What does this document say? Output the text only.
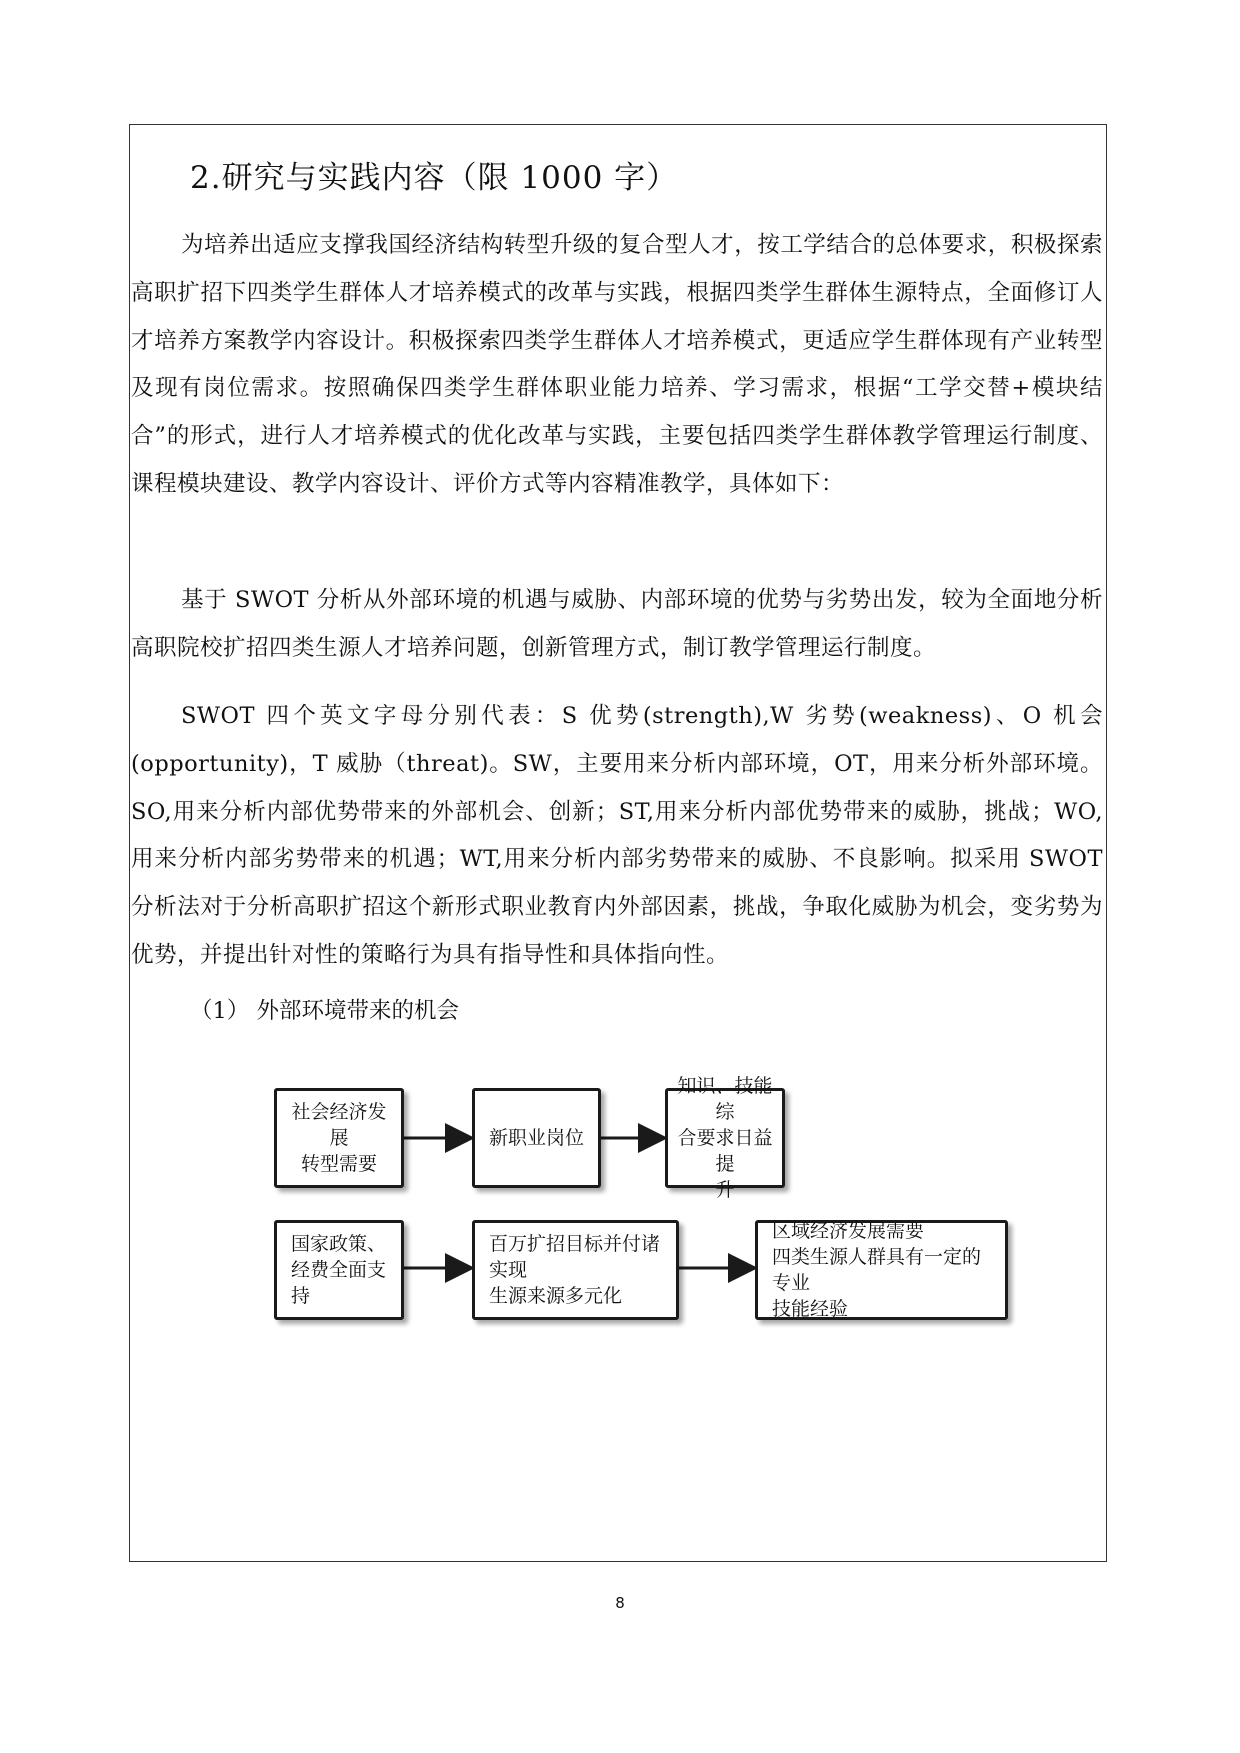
2.研究与实践内容（限 1000 字）

为培养出适应支撑我国经济结构转型升级的复合型人才，按工学结合的总体要求，积极探索高职扩招下四类学生群体人才培养模式的改革与实践，根据四类学生群体生源特点，全面修订人才培养方案教学内容设计。积极探索四类学生群体人才培养模式，更适应学生群体现有产业转型及现有岗位需求。按照确保四类学生群体职业能力培养、学习需求，根据“工学交替+模块结合”的形式，进行人才培养模式的优化改革与实践，主要包括四类学生群体教学管理运行制度、课程模块建设、教学内容设计、评价方式等内容精准教学，具体如下：

基于 SWOT 分析从外部环境的机遇与威胁、内部环境的优势与劣势出发，较为全面地分析高职院校扩招四类生源人才培养问题，创新管理方式，制订教学管理运行制度。

SWOT 四个英文字母分别代表：S 优势(strength),W 劣势(weakness)、O 机会(opportunity)，T 威胁（threat)。SW，主要用来分析内部环境，OT，用来分析外部环境。SO,用来分析内部优势带来的外部机会、创新；ST,用来分析内部优势带来的威胁，挑战；WO,用来分析内部劣势带来的机遇；WT,用来分析内部劣势带来的威胁、不良影响。拟采用 SWOT 分析法对于分析高职扩招这个新形式职业教育内外部因素，挑战，争取化威胁为机会，变劣势为优势，并提出针对性的策略行为具有指导性和具体指向性。

（1） 外部环境带来的机会
社会经济发展
转型需要
新职业岗位
知识、技能综
合要求日益提
升
国家政策、
经费全面支持
百万扩招目标并付诸实现
生源来源多元化
区域经济发展需要
四类生源人群具有一定的专业
技能经验
8
